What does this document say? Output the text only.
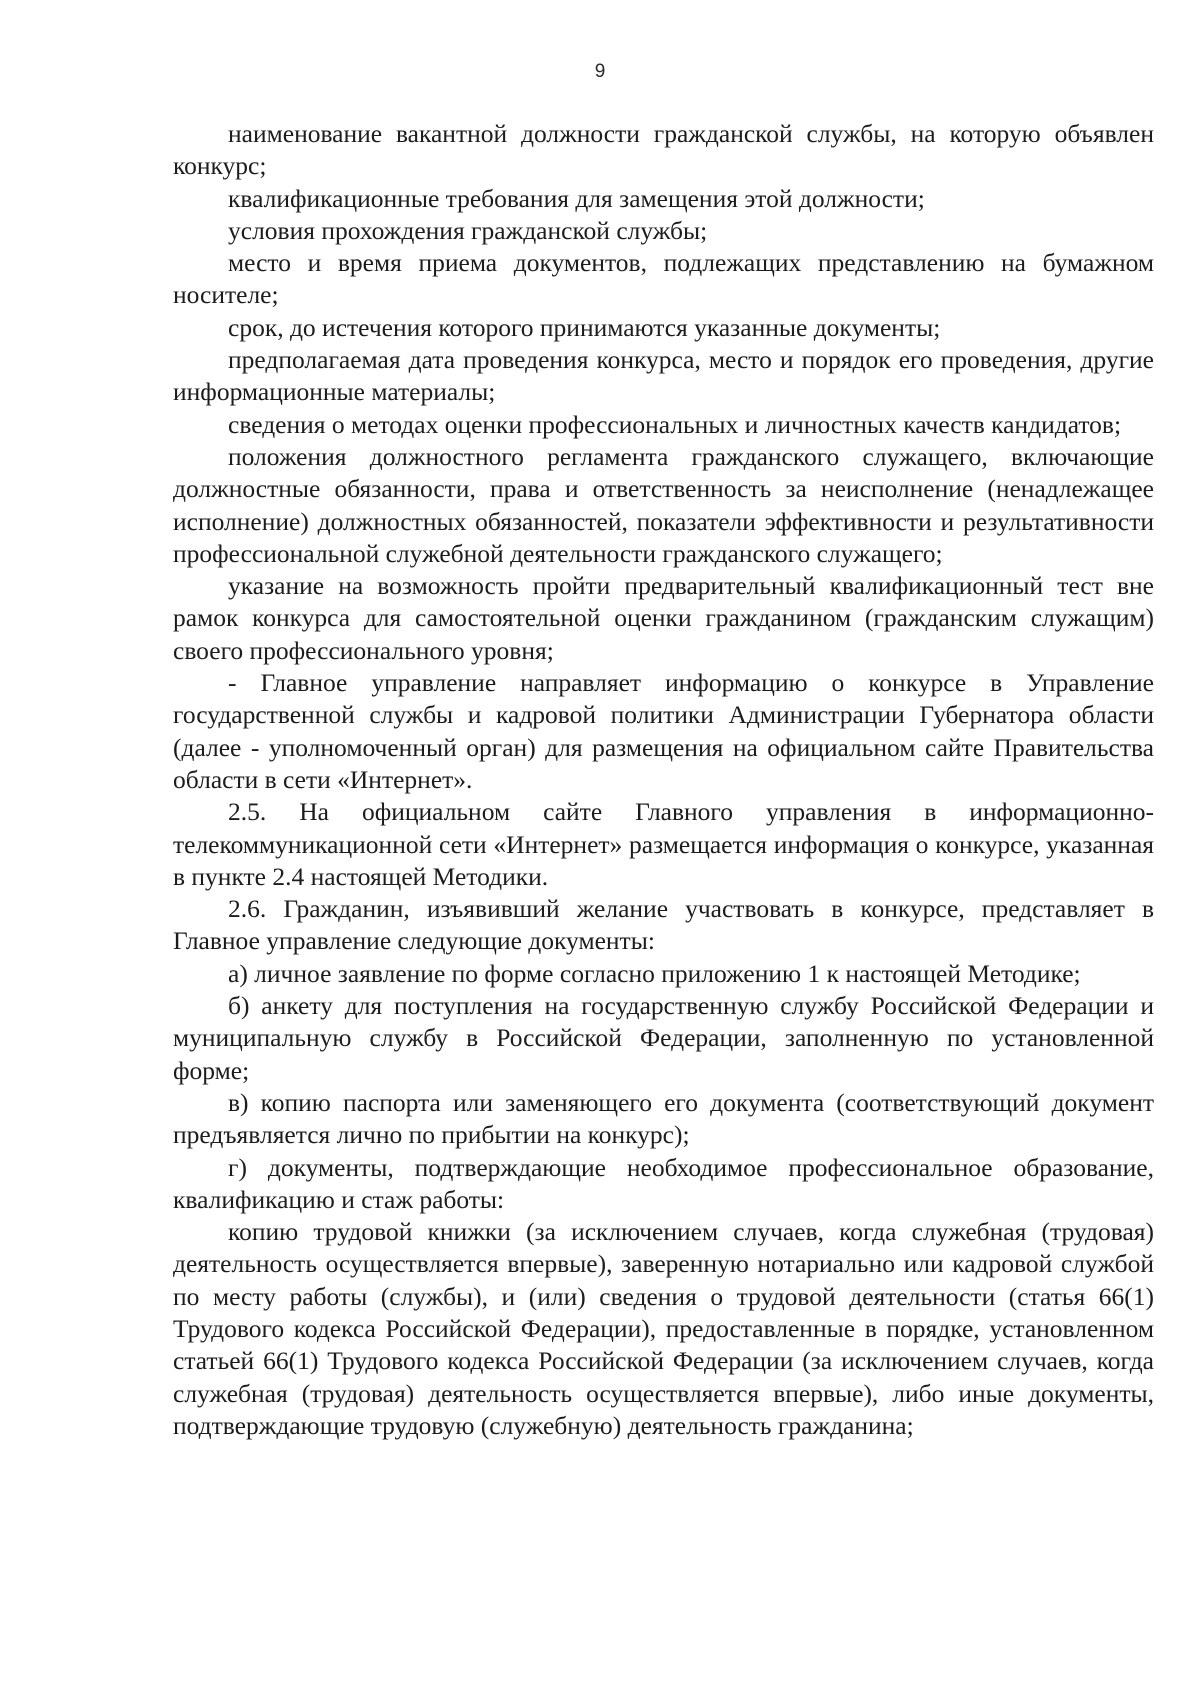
9

наименование вакантной должности гражданской службы, на которую объявлен конкурс;

квалификационные требования для замещения этой должности;

условия прохождения гражданской службы;

место и время приема документов, подлежащих представлению на бумажном носителе;

срок, до истечения которого принимаются указанные документы;

предполагаемая дата проведения конкурса, место и порядок его проведения, другие информационные материалы;

сведения о методах оценки профессиональных и личностных качеств кандидатов;

положения должностного регламента гражданского служащего, включающие должностные обязанности, права и ответственность за неисполнение (ненадлежащее исполнение) должностных обязанностей, показатели эффективности и результативности профессиональной служебной деятельности гражданского служащего;

указание на возможность пройти предварительный квалификационный тест вне рамок конкурса для самостоятельной оценки гражданином (гражданским служащим) своего профессионального уровня;

- Главное управление направляет информацию о конкурсе в Управление государственной службы и кадровой политики Администрации Губернатора области (далее - уполномоченный орган) для размещения на официальном сайте Правительства области в сети «Интернет».

2.5. На официальном сайте Главного управления в информационно-телекоммуникационной сети «Интернет» размещается информация о конкурсе, указанная в пункте 2.4 настоящей Методики.

2.6. Гражданин, изъявивший желание участвовать в конкурсе, представляет в Главное управление следующие документы:

а) личное заявление по форме согласно приложению 1 к настоящей Методике;

б) анкету для поступления на государственную службу Российской Федерации и муниципальную службу в Российской Федерации, заполненную по установленной форме;

в) копию паспорта или заменяющего его документа (соответствующий документ предъявляется лично по прибытии на конкурс);

г) документы, подтверждающие необходимое профессиональное образование, квалификацию и стаж работы:

копию трудовой книжки (за исключением случаев, когда служебная (трудовая) деятельность осуществляется впервые), заверенную нотариально или кадровой службой по месту работы (службы), и (или) сведения о трудовой деятельности (статья 66(1) Трудового кодекса Российской Федерации), предоставленные в порядке, установленном статьей 66(1) Трудового кодекса Российской Федерации (за исключением случаев, когда служебная (трудовая) деятельность осуществляется впервые), либо иные документы, подтверждающие трудовую (служебную) деятельность гражданина;
